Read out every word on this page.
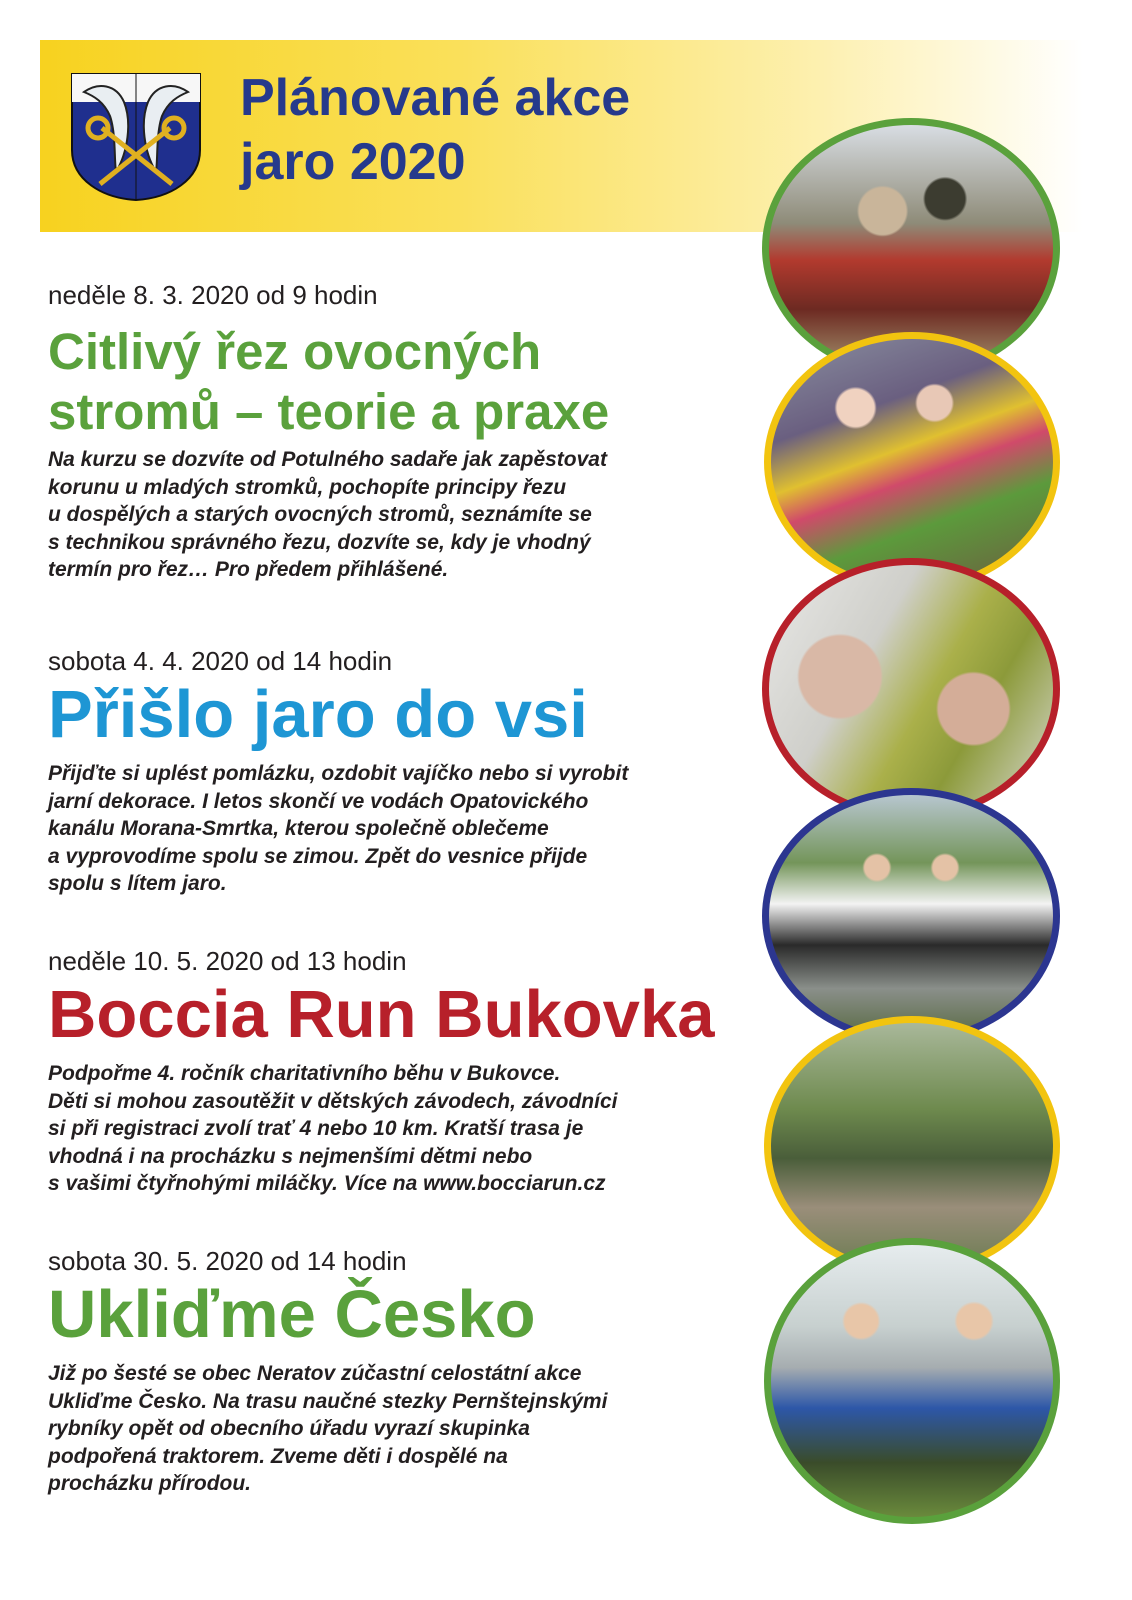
Plánované akce
jaro 2020
neděle 8. 3. 2020 od 9 hodin
Citlivý řez ovocných
stromů – teorie a praxe
Na kurzu se dozvíte od Potulného sadaře jak zapěstovat
korunu u mladých stromků, pochopíte principy řezu
u dospělých a starých ovocných stromů, seznámíte se
s technikou správného řezu, dozvíte se, kdy je vhodný
termín pro řez… Pro předem přihlášené.
sobota 4. 4. 2020 od 14 hodin
Přišlo jaro do vsi
Přijďte si uplést pomlázku, ozdobit vajíčko nebo si vyrobit
jarní dekorace. I letos skončí ve vodách Opatovického
kanálu Morana-Smrtka, kterou společně oblečeme
a vyprovodíme spolu se zimou. Zpět do vesnice přijde
spolu s lítem jaro.
neděle 10. 5. 2020 od 13 hodin
Boccia Run Bukovka
Podpořme 4. ročník charitativního běhu v Bukovce.
Děti si mohou zasoutěžit v dětských závodech, závodníci
si při registraci zvolí trať 4 nebo 10 km. Kratší trasa je
vhodná i na procházku s nejmenšími dětmi nebo
s vašimi čtyřnohými miláčky. Více na www.bocciarun.cz
sobota 30. 5. 2020 od 14 hodin
Ukliďme Česko
Již po šesté se obec Neratov zúčastní celostátní akce
Ukliďme Česko. Na trasu naučné stezky Pernštejnskými
rybníky opět od obecního úřadu vyrazí skupinka
podpořená traktorem. Zveme děti i dospělé na
procházku přírodou.
